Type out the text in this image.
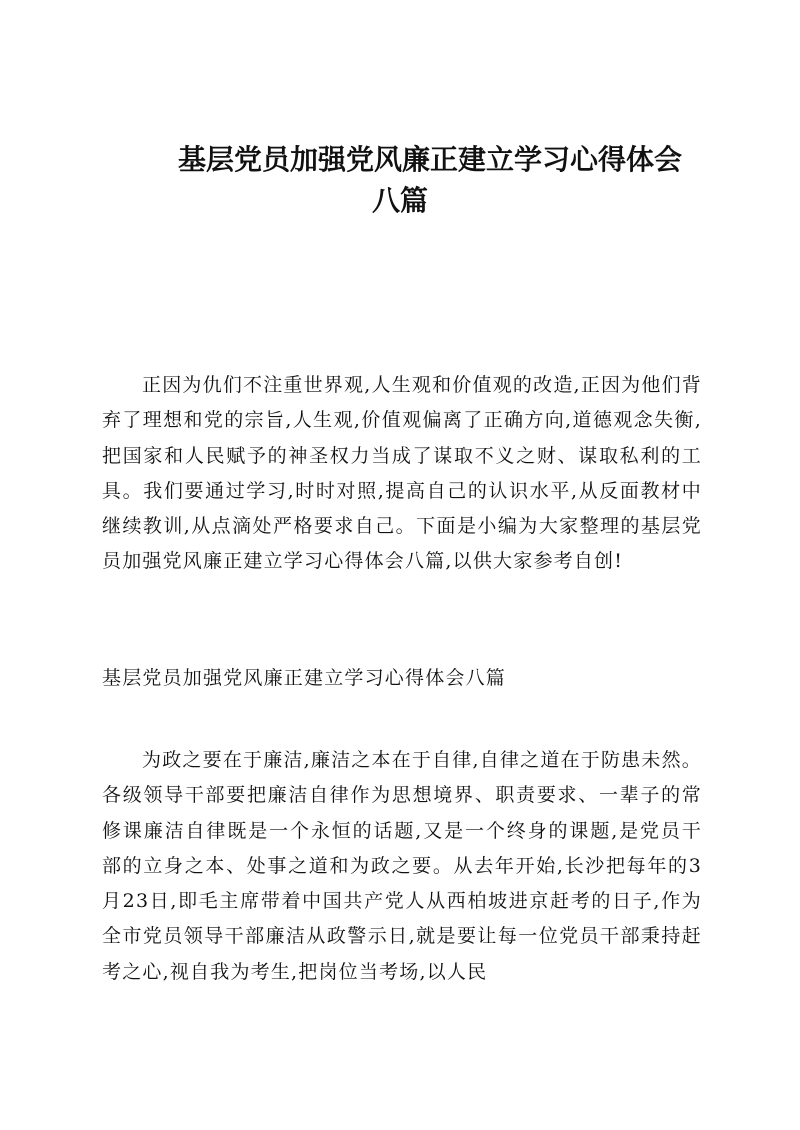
基层党员加强党风廉正建立学习心得体会
八篇

正因为仇们不注重世界观,人生观和价值观的改造,正因为他们背弃了理想和党的宗旨,人生观,价值观偏离了正确方向,道德观念失衡,把国家和人民赋予的神圣权力当成了谋取不义之财、谋取私利的工具。我们要通过学习,时时对照,提高自己的认识水平,从反面教材中继续教训,从点滴处严格要求自己。下面是小编为大家整理的基层党员加强党风廉正建立学习心得体会八篇,以供大家参考自创!

基层党员加强党风廉正建立学习心得体会八篇

为政之要在于廉洁,廉洁之本在于自律,自律之道在于防患未然。各级领导干部要把廉洁自律作为思想境界、职责要求、一辈子的常修课廉洁自律既是一个永恒的话题,又是一个终身的课题,是党员干部的立身之本、处事之道和为政之要。从去年开始,长沙把每年的3月23日,即毛主席带着中国共产党人从西柏坡进京赶考的日子,作为全市党员领导干部廉洁从政警示日,就是要让每一位党员干部秉持赶考之心,视自我为考生,把岗位当考场,以人民
